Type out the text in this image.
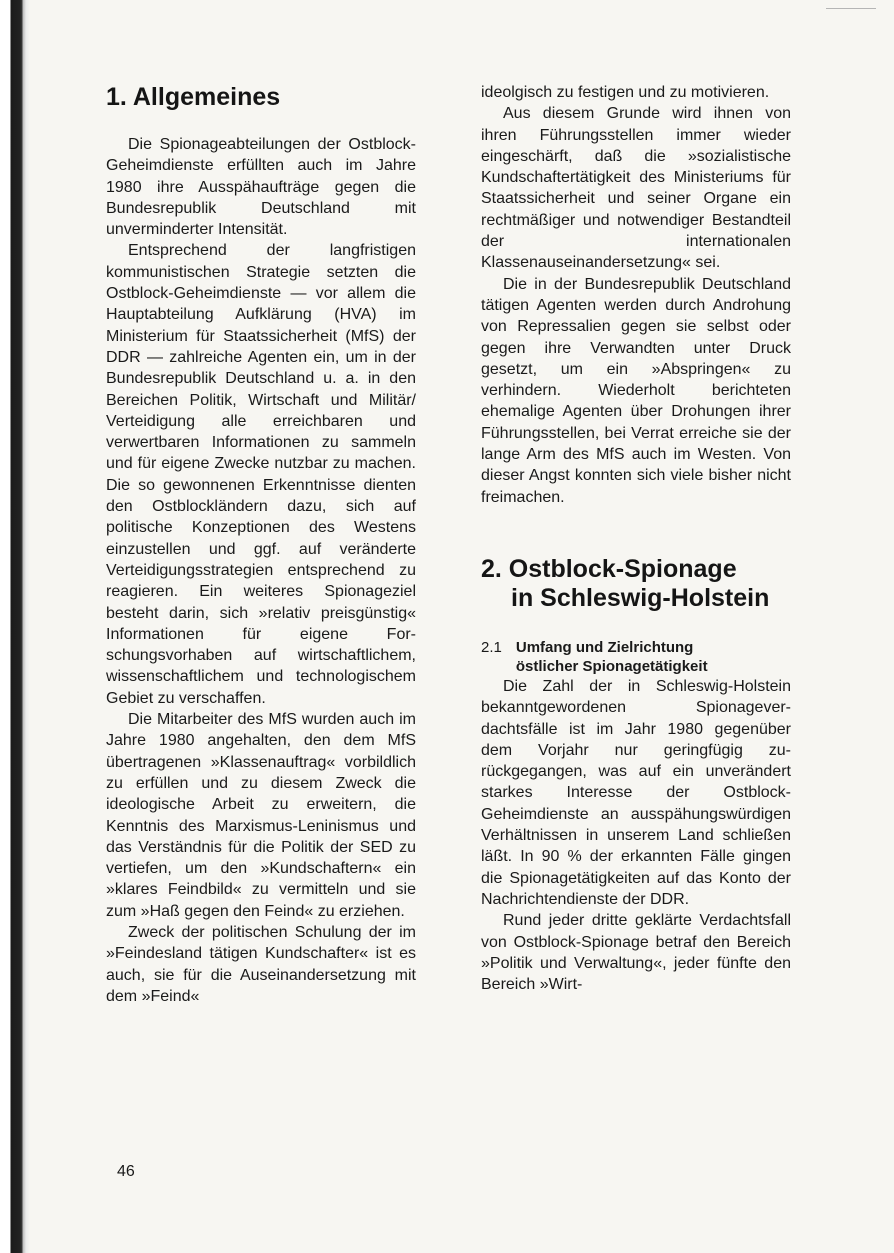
1. Allgemeines

Die Spionageabteilungen der Ostblock-Geheimdienste erfüllten auch im Jahre 1980 ihre Ausspähaufträge gegen die Bundesrepublik Deutschland mit unverminderter Intensität.

Entsprechend der langfristigen kommunistischen Strategie setzten die Ostblock-Geheimdienste — vor allem die Hauptabteilung Aufklärung (HVA) im Ministerium für Staatssicherheit (MfS) der DDR — zahlreiche Agenten ein, um in der Bundesrepublik Deutschland u. a. in den Bereichen Politik, Wirtschaft und Militär/ Verteidigung alle erreichbaren und verwertbaren Informationen zu sammeln und für eigene Zwecke nutzbar zu machen. Die so gewonnenen Erkenntnisse dienten den Ostblockländern dazu, sich auf politische Konzeptionen des Westens einzustellen und ggf. auf veränderte Verteidigungsstrategien entsprechend zu reagieren. Ein weiteres Spionageziel besteht darin, sich »relativ preisgünstig« Informationen für eigene Forschungsvorhaben auf wirtschaftlichem, wissenschaftlichem und technologischem Gebiet zu verschaffen.

Die Mitarbeiter des MfS wurden auch im Jahre 1980 angehalten, den dem MfS übertragenen »Klassenauftrag« vorbildlich zu erfüllen und zu diesem Zweck die ideologische Arbeit zu erweitern, die Kenntnis des Marxismus-Leninismus und das Verständnis für die Politik der SED zu vertiefen, um den »Kundschaftern« ein »klares Feindbild« zu vermitteln und sie zum »Haß gegen den Feind« zu erziehen.

Zweck der politischen Schulung der im »Feindesland tätigen Kundschafter« ist es auch, sie für die Auseinandersetzung mit dem »Feind«

ideolgisch zu festigen und zu motivieren.

Aus diesem Grunde wird ihnen von ihren Führungsstellen immer wieder eingeschärft, daß die »sozialistische Kundschaftertätigkeit des Ministeriums für Staatssicherheit und seiner Organe ein rechtmäßiger und notwendiger Bestandteil der internationalen Klassenauseinandersetzung« sei.

Die in der Bundesrepublik Deutschland tätigen Agenten werden durch Androhung von Repressalien gegen sie selbst oder gegen ihre Verwandten unter Druck gesetzt, um ein »Abspringen« zu verhindern. Wiederholt berichteten ehemalige Agenten über Drohungen ihrer Führungsstellen, bei Verrat erreiche sie der lange Arm des MfS auch im Westen. Von dieser Angst konnten sich viele bisher nicht freimachen.

2. Ostblock-Spionage
in Schleswig-Holstein
2.1 Umfang und Zielrichtung
östlicher Spionagetätigkeit

Die Zahl der in Schleswig-Holstein bekanntgewordenen Spionageverdachtsfälle ist im Jahr 1980 gegenüber dem Vorjahr nur geringfügig zurückgegangen, was auf ein unverändert starkes Interesse der Ostblock-Geheimdienste an ausspähungswürdigen Verhältnissen in unserem Land schließen läßt. In 90 % der erkannten Fälle gingen die Spionagetätigkeiten auf das Konto der Nachrichtendienste der DDR.

Rund jeder dritte geklärte Verdachtsfall von Ostblock-Spionage betraf den Bereich »Politik und Verwaltung«, jeder fünfte den Bereich »Wirt-

46
